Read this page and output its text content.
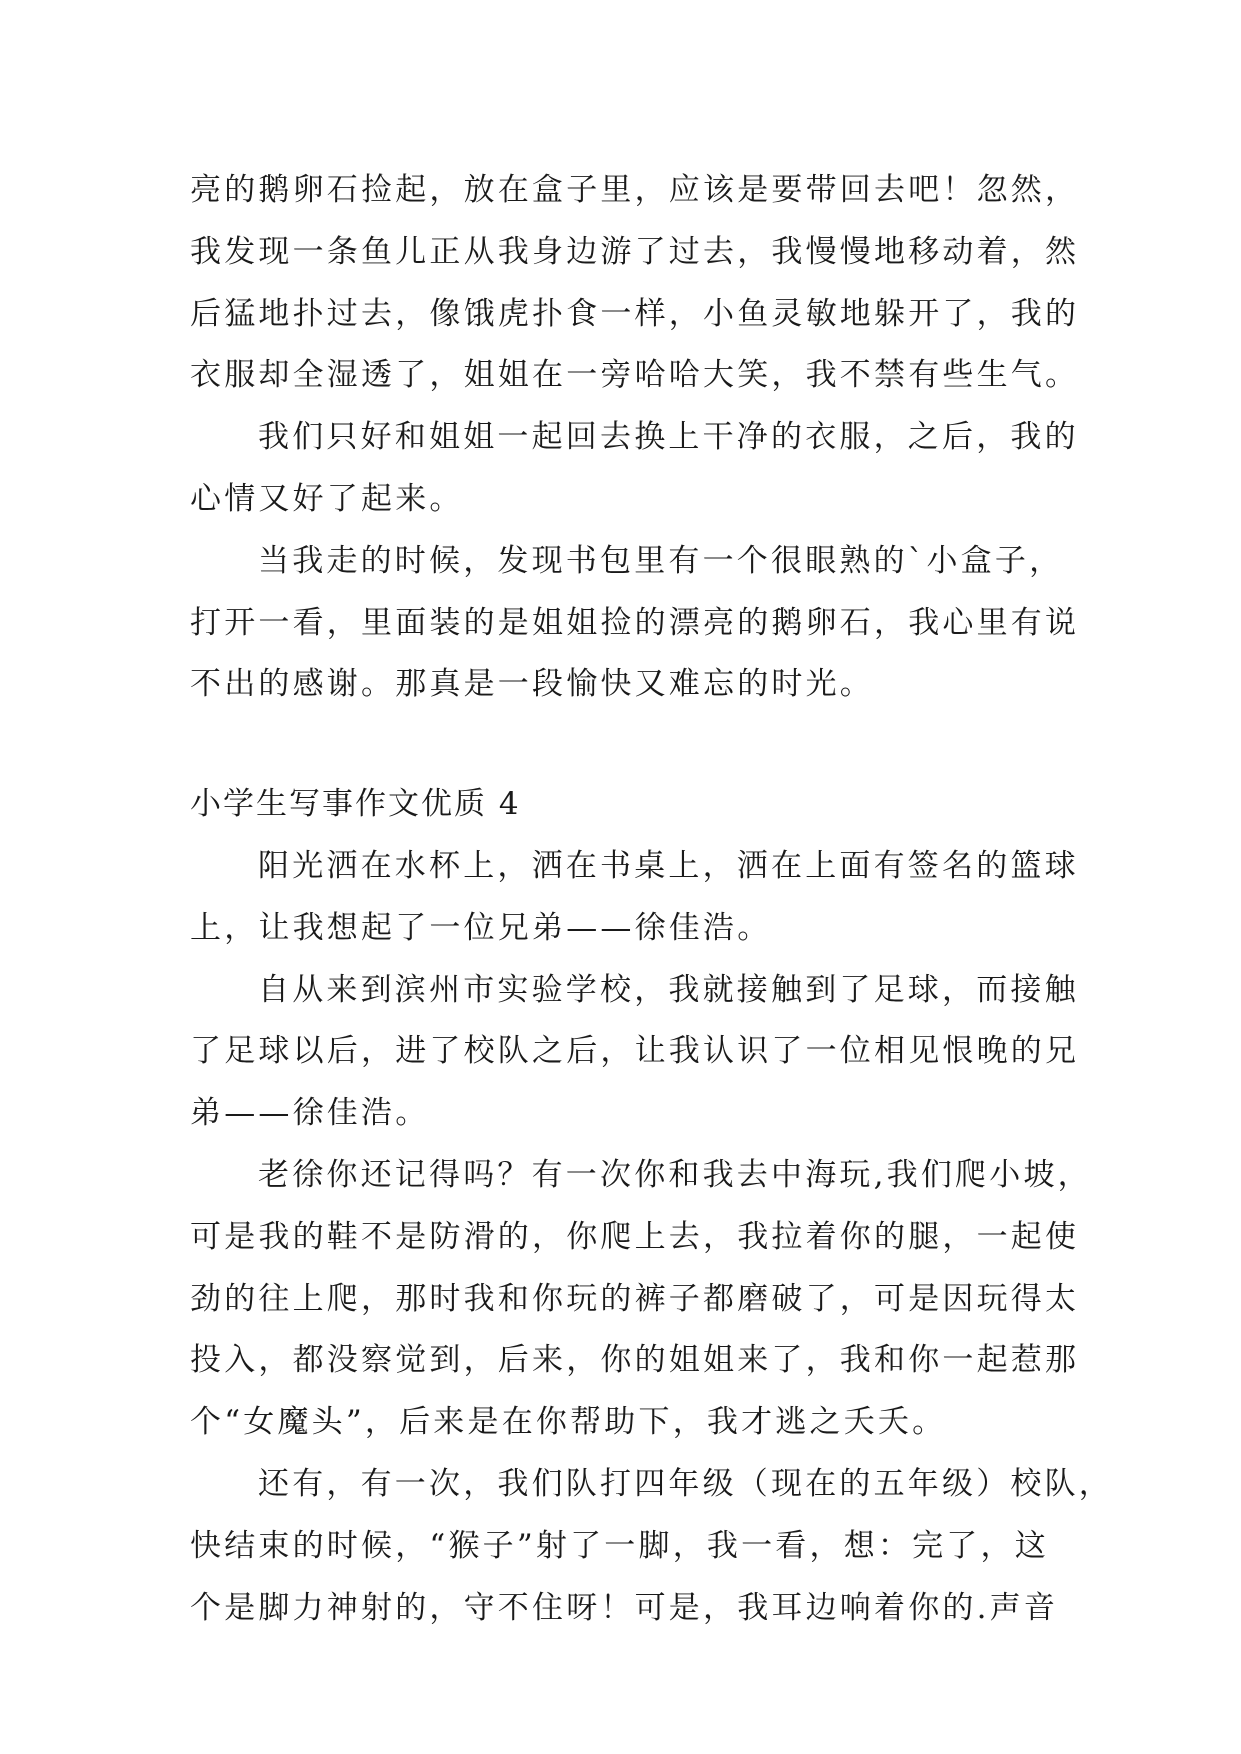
亮的鹅卵石捡起，放在盒子里，应该是要带回去吧！忽然，
我发现一条鱼儿正从我身边游了过去，我慢慢地移动着，然
后猛地扑过去，像饿虎扑食一样，小鱼灵敏地躲开了，我的
衣服却全湿透了，姐姐在一旁哈哈大笑，我不禁有些生气。
我们只好和姐姐一起回去换上干净的衣服，之后，我的
心情又好了起来。
当我走的时候，发现书包里有一个很眼熟的`小盒子，
打开一看，里面装的是姐姐捡的漂亮的鹅卵石，我心里有说
不出的感谢。那真是一段愉快又难忘的时光。
小学生写事作文优质 4
阳光洒在水杯上，洒在书桌上，洒在上面有签名的篮球
上，让我想起了一位兄弟——徐佳浩。
自从来到滨州市实验学校，我就接触到了足球，而接触
了足球以后，进了校队之后，让我认识了一位相见恨晚的兄
弟——徐佳浩。
老徐你还记得吗？有一次你和我去中海玩,我们爬小坡，
可是我的鞋不是防滑的，你爬上去，我拉着你的腿，一起使
劲的往上爬，那时我和你玩的裤子都磨破了，可是因玩得太
投入，都没察觉到，后来，你的姐姐来了，我和你一起惹那
个“女魔头”，后来是在你帮助下，我才逃之夭夭。
还有，有一次，我们队打四年级（现在的五年级）校队，
快结束的时候，“猴子”射了一脚，我一看，想：完了，这
个是脚力神射的，守不住呀！可是，我耳边响着你的.声音
